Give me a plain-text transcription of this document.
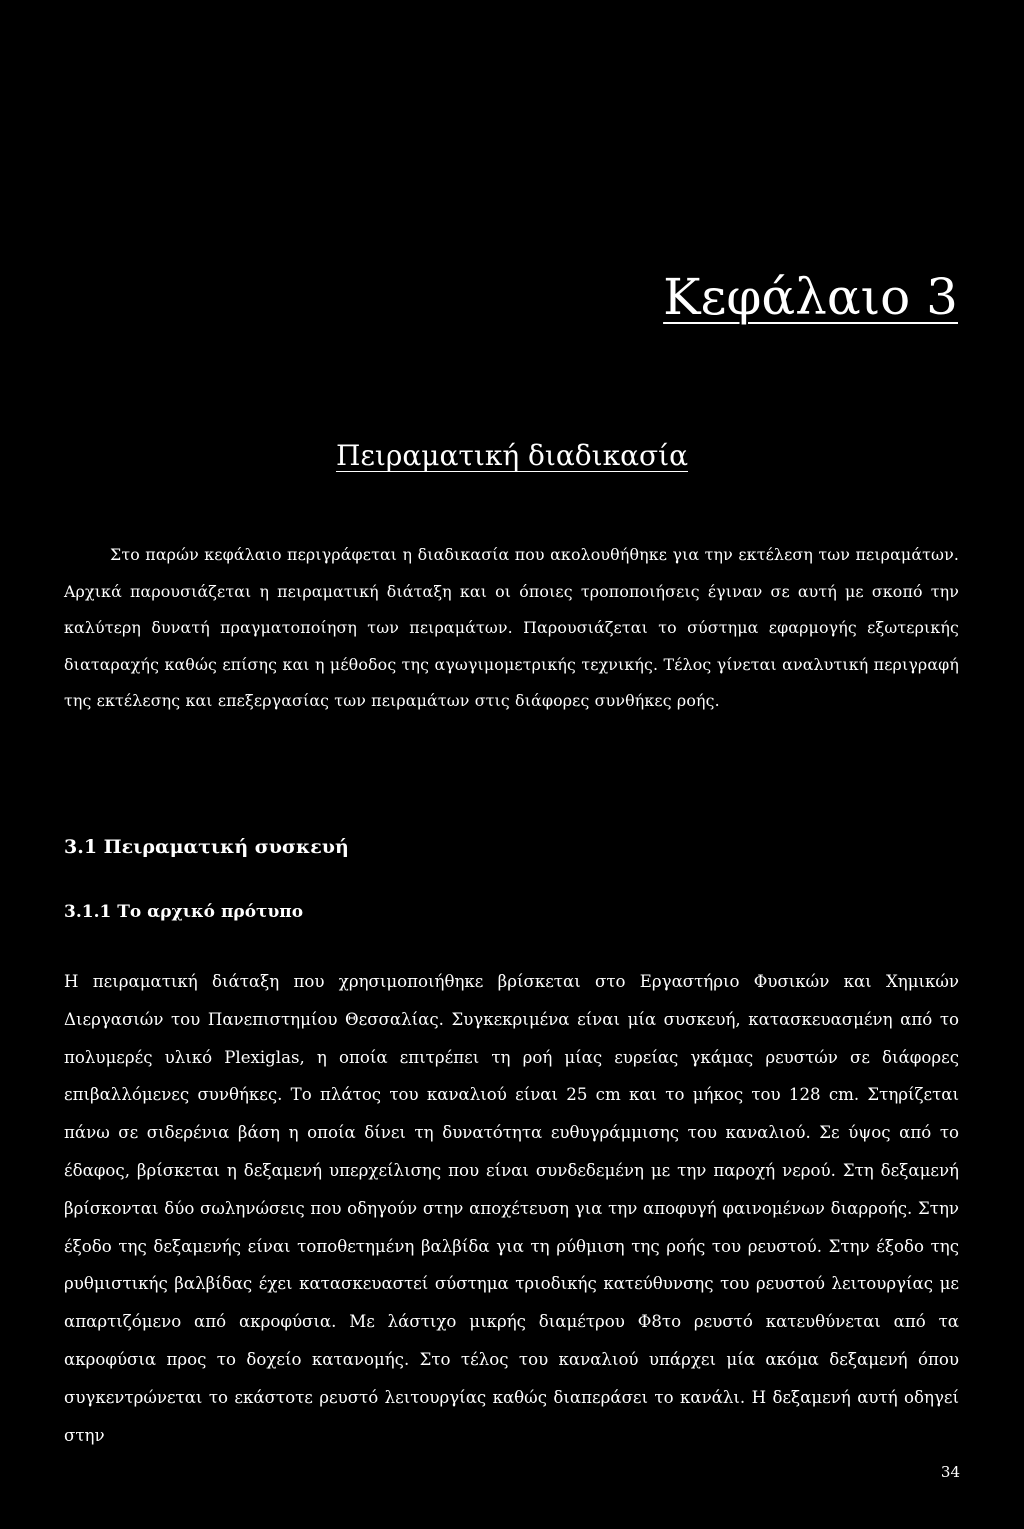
Κεφάλαιο 3
Πειραματική διαδικασία

Στο παρών κεφάλαιο περιγράφεται η διαδικασία που ακολουθήθηκε για την εκτέλεση των πειραμάτων. Αρχικά παρουσιάζεται η πειραματική διάταξη και οι όποιες τροποποιήσεις έγιναν σε αυτή με σκοπό την καλύτερη δυνατή πραγματοποίηση των πειραμάτων. Παρουσιάζεται το σύστημα εφαρμογής εξωτερικής διαταραχής καθώς επίσης και η μέθοδος της αγωγιμομετρικής τεχνικής. Τέλος γίνεται αναλυτική περιγραφή της εκτέλεσης και επεξεργασίας των πειραμάτων στις διάφορες συνθήκες ροής.

3.1 Πειραματική συσκευή
3.1.1 Το αρχικό πρότυπο

Η πειραματική διάταξη που χρησιμοποιήθηκε βρίσκεται στο Εργαστήριο Φυσικών και Χημικών Διεργασιών του Πανεπιστημίου Θεσσαλίας. Συγκεκριμένα είναι μία συσκευή, κατασκευασμένη από το πολυμερές υλικό Plexiglas, η οποία επιτρέπει τη ροή μίας ευρείας γκάμας ρευστών σε διάφορες επιβαλλόμενες συνθήκες. Το πλάτος του καναλιού είναι 25 cm και το μήκος του 128 cm. Στηρίζεται πάνω σε σιδερένια βάση η οποία δίνει τη δυνατότητα ευθυγράμμισης του καναλιού. Σε ύψος από το έδαφος, βρίσκεται η δεξαμενή υπερχείλισης που είναι συνδεδεμένη με την παροχή νερού. Στη δεξαμενή βρίσκονται δύο σωληνώσεις που οδηγούν στην αποχέτευση για την αποφυγή φαινομένων διαρροής. Στην έξοδο της δεξαμενής είναι τοποθετημένη βαλβίδα για τη ρύθμιση της ροής του ρευστού. Στην έξοδο της ρυθμιστικής βαλβίδας έχει κατασκευαστεί σύστημα τριοδικής κατεύθυνσης του ρευστού λειτουργίας με απαρτιζόμενο από ακροφύσια. Με λάστιχο μικρής διαμέτρου Φ8το ρευστό κατευθύνεται από τα ακροφύσια προς το δοχείο κατανομής. Στο τέλος του καναλιού υπάρχει μία ακόμα δεξαμενή όπου συγκεντρώνεται το εκάστοτε ρευστό λειτουργίας καθώς διαπεράσει το κανάλι. Η δεξαμενή αυτή οδηγεί στην

34
